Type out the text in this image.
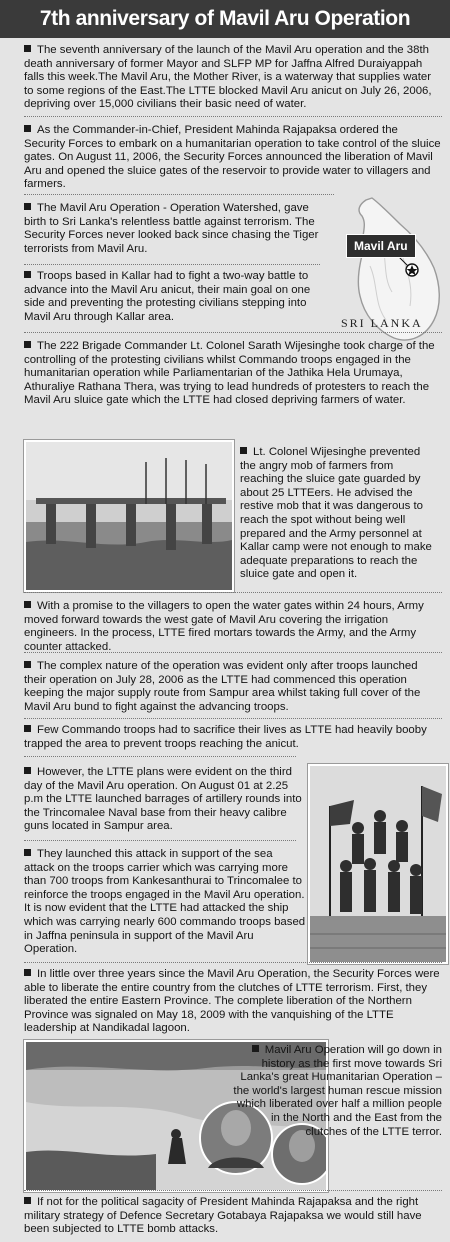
7th anniversary of Mavil Aru Operation

The seventh anniversary of the launch of the Mavil Aru operation and the 38th death anniversary of former Mayor and SLFP MP for Jaffna Alfred Duraiyappah falls this week.The Mavil Aru, the Mother River, is a waterway that supplies water to some regions of the East.The LTTE blocked Mavil Aru anicut on July 26, 2006, depriving over 15,000 civilians their basic need of water.

As the Commander-in-Chief, President Mahinda Rajapaksa ordered the Security Forces to embark on a humanitarian operation to take control of the sluice gates. On August 11, 2006, the Security Forces announced the liberation of Mavil Aru and opened the sluice gates of the reservoir to provide water to villagers and farmers.

Mavil Aru
SRI LANKA

The Mavil Aru Operation - Operation Watershed, gave birth to Sri Lanka's relentless battle against terrorism. The Security Forces never looked back since chasing the Tiger terrorists from Mavil Aru.

Troops based in Kallar had to fight a two-way battle to advance into the Mavil Aru anicut, their main goal on one side and preventing the protesting civilians stepping into Mavil Aru through Kallar area.

The 222 Brigade Commander Lt. Colonel Sarath Wijesinghe took charge of the controlling of the protesting civilians whilst Commando troops engaged in the humanitarian operation while Parliamentarian of the Jathika Hela Urumaya, Athuraliye Rathana Thera, was trying to lead hundreds of protesters to reach the Mavil Aru sluice gate which the LTTE had closed depriving farmers of water.

Lt. Colonel Wijesinghe prevented the angry mob of farmers from reaching the sluice gate guarded by about 25 LTTEers. He advised the restive mob that it was dangerous to reach the spot without being well prepared and the Army personnel at Kallar camp were not enough to make adequate preparations to reach the sluice gate and open it.

With a promise to the villagers to open the water gates within 24 hours, Army moved forward towards the west gate of Mavil Aru covering the irrigation engineers. In the process, LTTE fired mortars towards the Army, and the Army counter attacked.

The complex nature of the operation was evident only after troops launched their operation on July 28, 2006 as the LTTE had commenced this operation keeping the major supply route from Sampur area whilst taking full cover of the Mavil Aru bund to fight against the advancing troops.

Few Commando troops had to sacrifice their lives as LTTE had heavily booby trapped the area to prevent troops reaching the anicut.

However, the LTTE plans were evident on the third day of the Mavil Aru operation. On August 01 at 2.25 p.m the LTTE launched barrages of artillery rounds into the Trincomalee Naval base from their heavy calibre guns located in Sampur area.

They launched this attack in support of the sea attack on the troops carrier which was carrying more than 700 troops from Kankesanthurai to Trincomalee to reinforce the troops engaged in the Mavil Aru operation. It is now evident that the LTTE had attacked the ship which was carrying nearly 600 commando troops based in Jaffna peninsula in support of the Mavil Aru Operation.

In little over three years since the Mavil Aru Operation, the Security Forces were able to liberate the entire country from the clutches of LTTE terrorism. First, they liberated the entire Eastern Province. The complete liberation of the Northern Province was signaled on May 18, 2009 with the vanquishing of the LTTE leadership at Nandikadal lagoon.

Mavil Aru Operation will go down in history as the first move towards Sri Lanka's great Humanitarian Operation – the world's largest human rescue mission which liberated over half a million people in the North and the East from the clutches of the LTTE terror.

If not for the political sagacity of President Mahinda Rajapaksa and the right military strategy of Defence Secretary Gotabaya Rajapaksa we would still have been subjected to LTTE bomb attacks.
